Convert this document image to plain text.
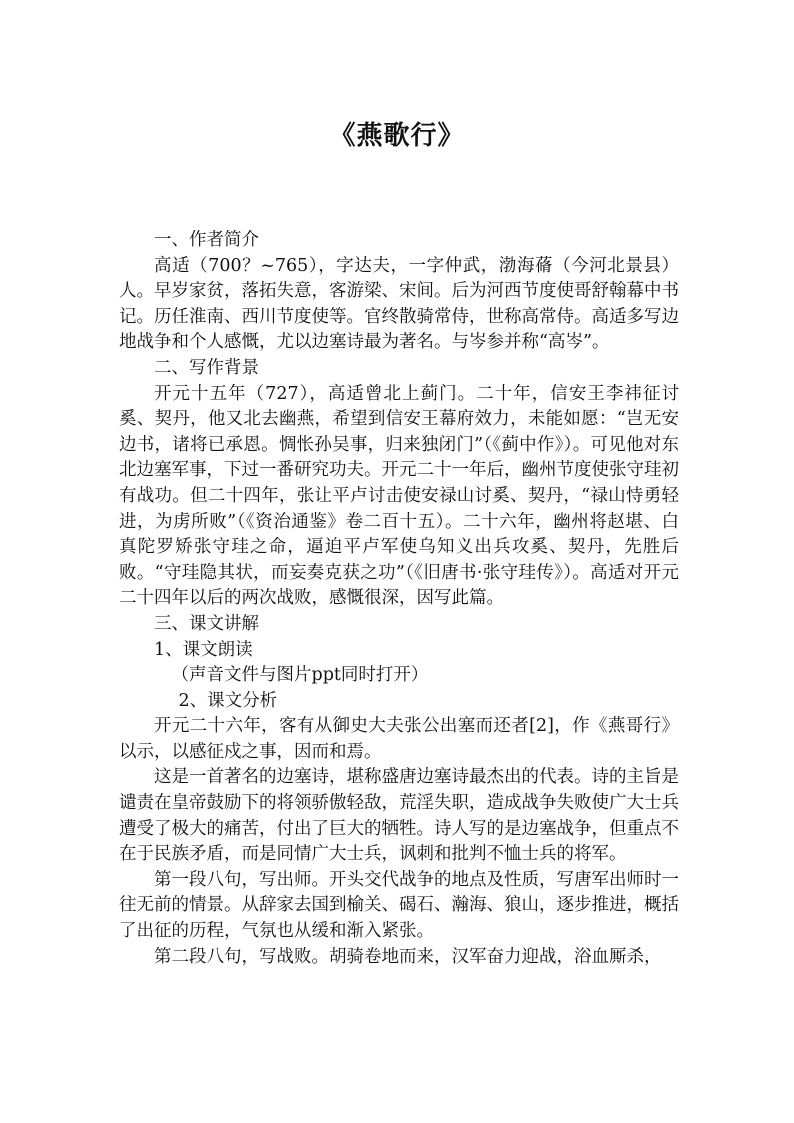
《燕歌行》

一、作者简介

高适（700？~765），字达夫，一字仲武，渤海蓨（今河北景县）人。早岁家贫，落拓失意，客游梁、宋间。后为河西节度使哥舒翰幕中书记。历任淮南、西川节度使等。官终散骑常侍，世称高常侍。高适多写边地战争和个人感慨，尤以边塞诗最为著名。与岑参并称“高岑”。

二、写作背景

开元十五年（727），高适曾北上蓟门。二十年，信安王李祎征讨奚、契丹，他又北去幽燕，希望到信安王幕府效力，未能如愿：“岂无安边书，诸将已承恩。惆怅孙吴事，归来独闭门”（《蓟中作》）。可见他对东北边塞军事，下过一番研究功夫。开元二十一年后，幽州节度使张守珪初有战功。但二十四年，张让平卢讨击使安禄山讨奚、契丹，“禄山恃勇轻进，为虏所败”（《资治通鉴》卷二百十五）。二十六年，幽州将赵堪、白真陀罗矫张守珪之命，逼迫平卢军使乌知义出兵攻奚、契丹，先胜后败。“守珪隐其状，而妄奏克获之功”（《旧唐书·张守珪传》）。高适对开元二十四年以后的两次战败，感慨很深，因写此篇。

三、课文讲解

1、课文朗读

（声音文件与图片ppt同时打开）

2、课文分析

开元二十六年，客有从御史大夫张公出塞而还者[2]，作《燕哥行》以示，以感征戍之事，因而和焉。

这是一首著名的边塞诗，堪称盛唐边塞诗最杰出的代表。诗的主旨是谴责在皇帝鼓励下的将领骄傲轻敌，荒淫失职，造成战争失败使广大士兵遭受了极大的痛苦，付出了巨大的牺牲。诗人写的是边塞战争，但重点不在于民族矛盾，而是同情广大士兵，讽刺和批判不恤士兵的将军。

第一段八句，写出师。开头交代战争的地点及性质，写唐军出师时一往无前的情景。从辞家去国到榆关、碣石、瀚海、狼山，逐步推进，概括了出征的历程，气氛也从缓和渐入紧张。

第二段八句，写战败。胡骑卷地而来，汉军奋力迎战，浴血厮杀，
